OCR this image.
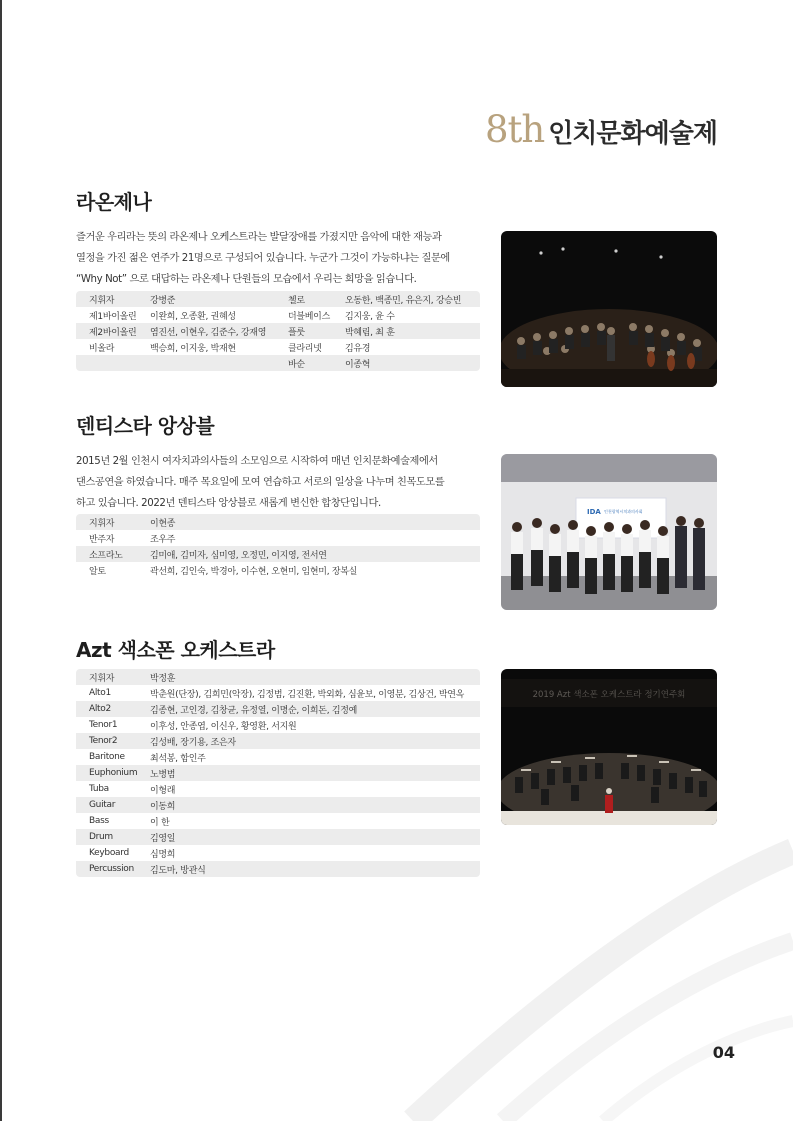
8th 인치문화예술제
라온제나

즐거운 우리라는 뜻의 라온제나 오케스트라는 발달장애를 가졌지만 음악에 대한 재능과

열정을 가진 젊은 연주가 21명으로 구성되어 있습니다. 누군가 그것이 가능하냐는 질문에

“Why Not” 으로 대답하는 라온제나 단원들의 모습에서 우리는 희망을 읽습니다.

지휘자	강병준	첼로	오동한, 백종민, 유은지, 강승빈
제1바이올린	이완희, 오종환, 권혜성	더블베이스	김지웅, 윤 수
제2바이올린	염진선, 이현우, 김준수, 강재영	플룻	박혜림, 최 훈
비올라	백승희, 이지웅, 박재현	클라리넷	김유경
		바순	이종혁
덴티스타 앙상블

2015년 2월 인천시 여자치과의사들의 소모임으로 시작하여 매년 인치문화예술제에서

댄스공연을 하였습니다. 매주 목요일에 모여 연습하고 서로의 일상을 나누며 친목도모를

하고 있습니다. 2022년 덴티스타 앙상블로 새롭게 변신한 합창단입니다.

지휘자	이현종
반주자	조우주
소프라노	김미애, 김미자, 심미영, 오정민, 이지영, 전서연
알토	곽선희, 김인숙, 박경아, 이수현, 오현미, 임현미, 장복실
IDA 인천광역시치과의사회
Azt 색소폰 오케스트라
지휘자	박정훈
Alto1	박춘원(단장), 김희민(악장), 김정범, 김진환, 박외화, 심윤보, 이영분, 김상건, 박연옥
Alto2	김종현, 고인경, 김창균, 유정열, 이명순, 이희돈, 김정예
Tenor1	이후성, 안종엽, 이신우, 황영환, 서지원
Tenor2	김성배, 장기용, 조은자
Baritone	최석봉, 함인주
Euphonium	노병범
Tuba	이형래
Guitar	이동희
Bass	이 한
Drum	김영일
Keyboard	심명희
Percussion	김도마, 방관식
2019 Azt 색소폰 오케스트라 정기연주회
04
